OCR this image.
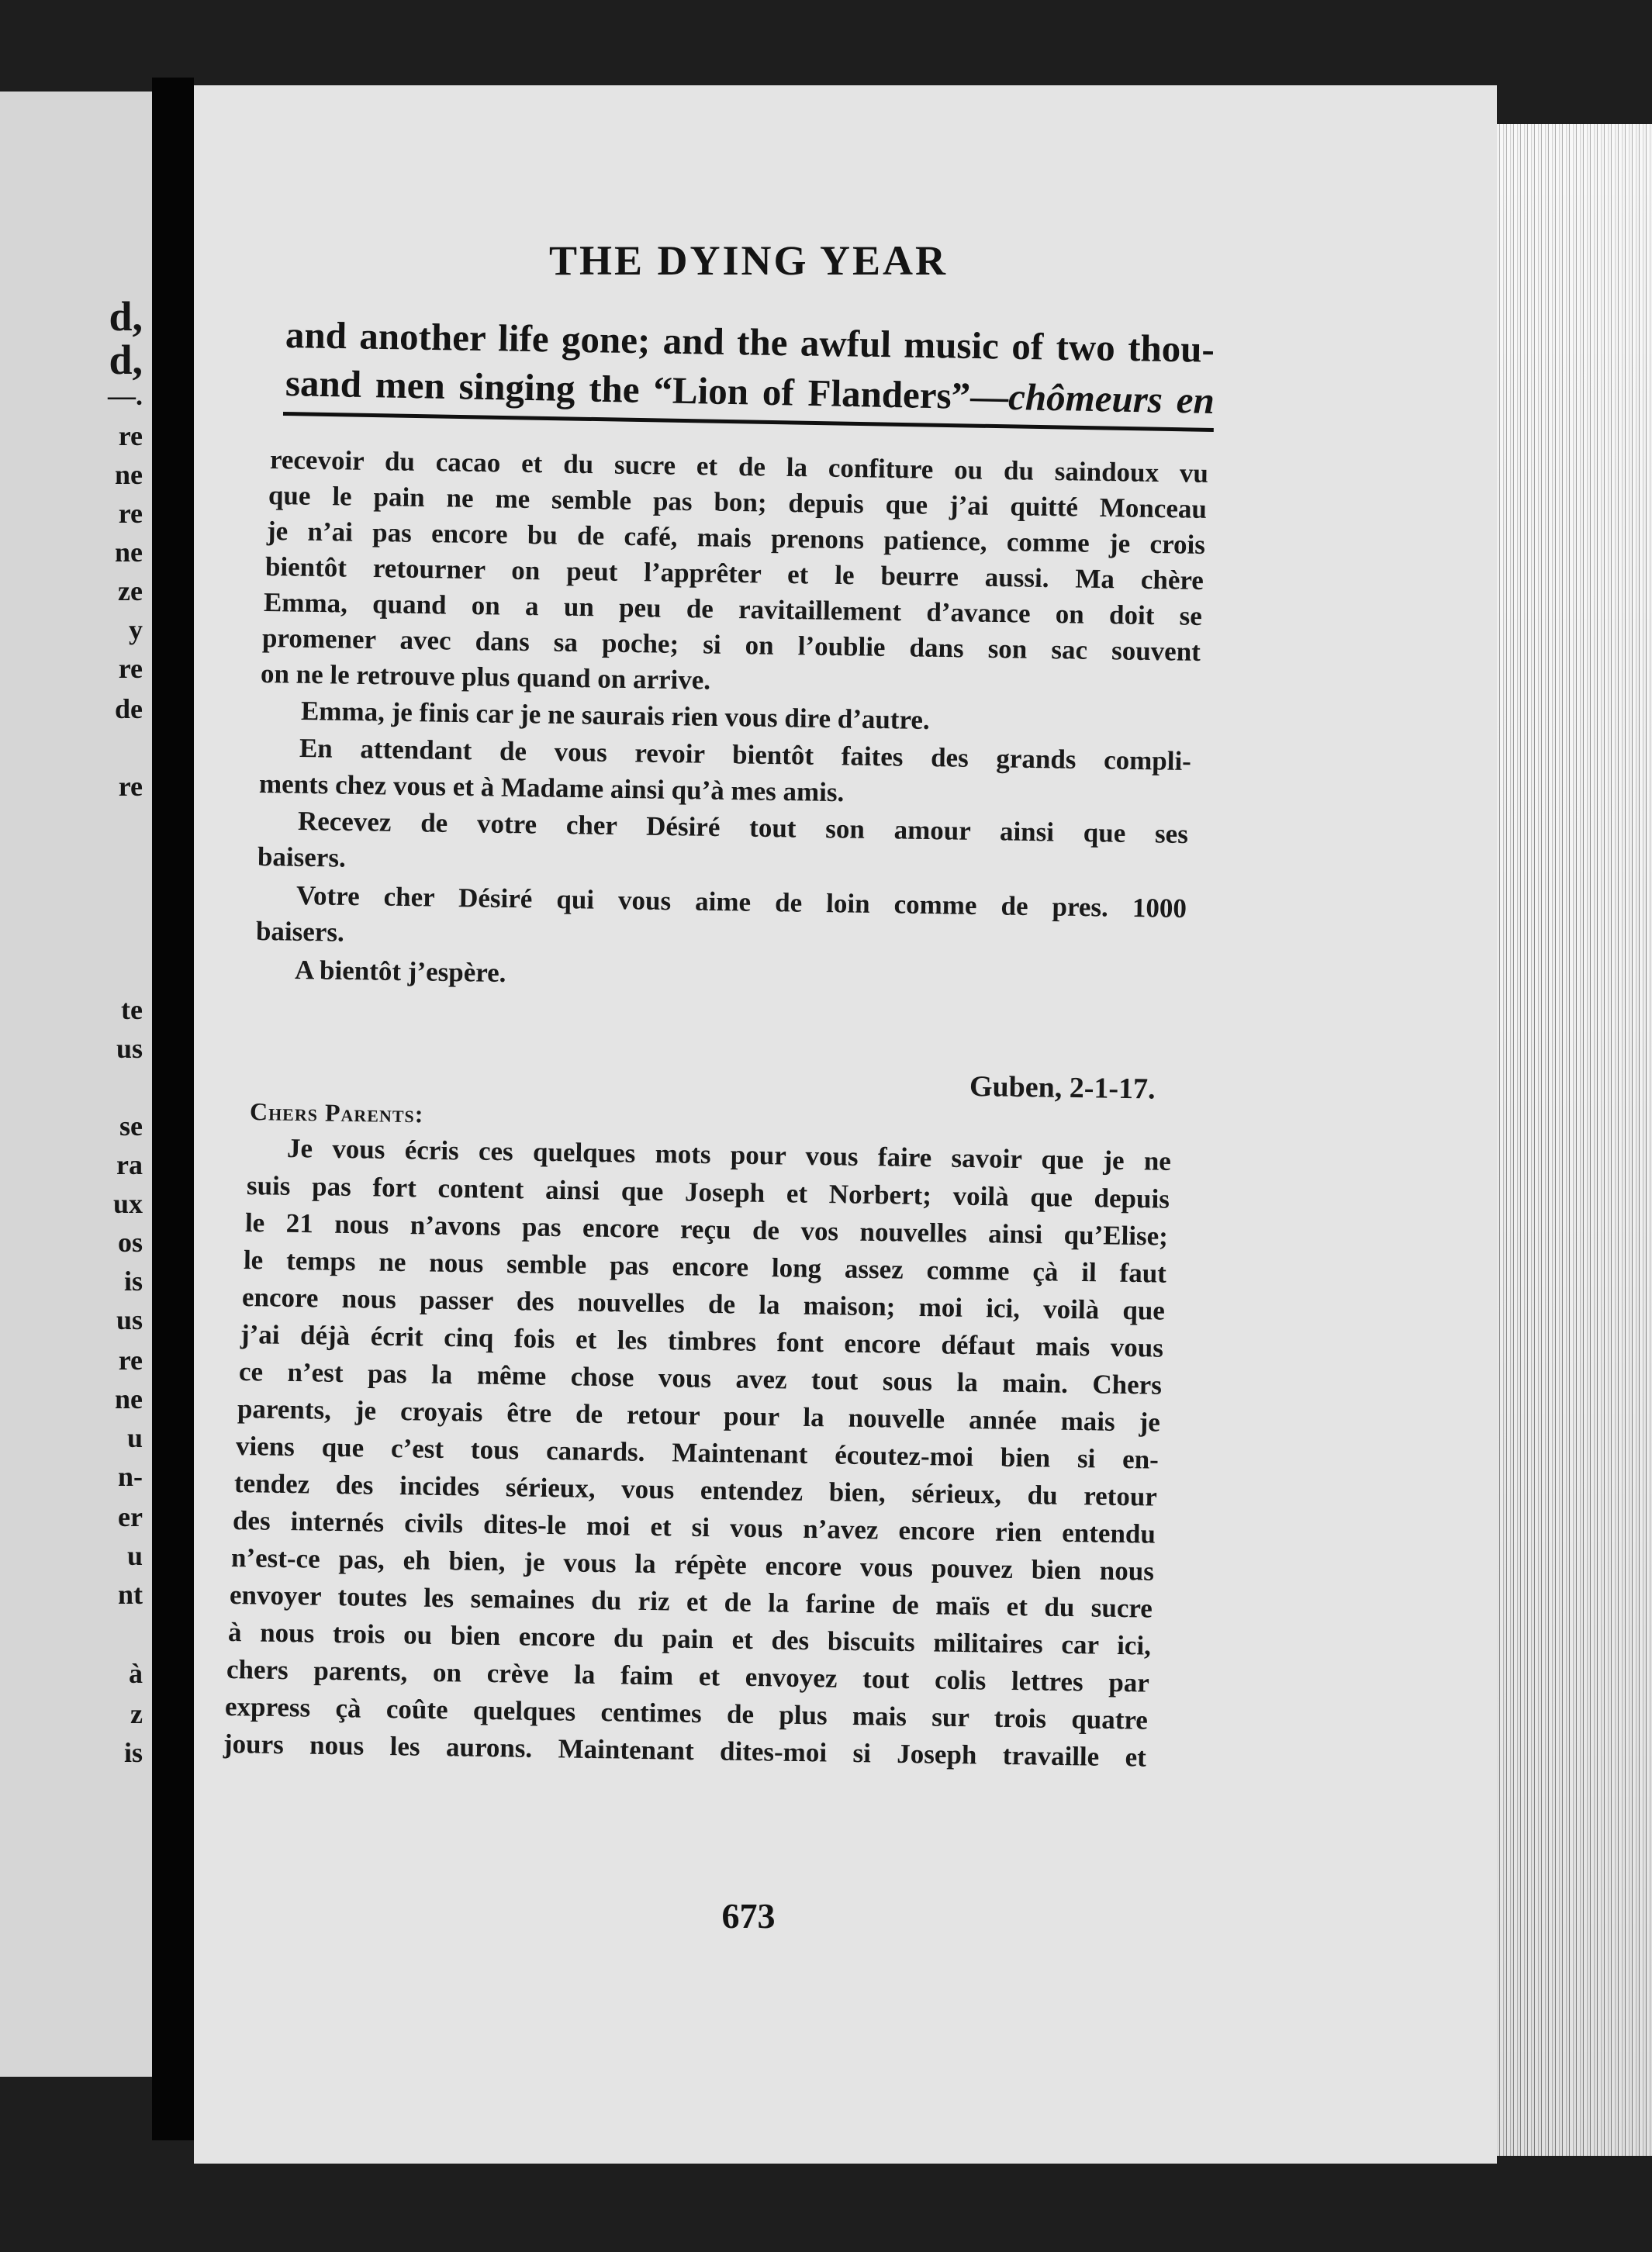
d,
d,
—.
re
ne
re
ne
ze
y
re
de
re
te
us
se
ra
ux
os
is
us
re
ne
u
n-
er
u
nt
à
z
is
THE DYING YEAR
and another life gone; and the awful music of two thou-
sand men singing the “Lion of Flanders”—chômeurs en
recevoir du cacao et du sucre et de la confiture ou du saindoux vu
que le pain ne me semble pas bon; depuis que j’ai quitté Monceau
je n’ai pas encore bu de café, mais prenons patience, comme je crois
bientôt retourner on peut l’apprêter et le beurre aussi. Ma chère
Emma, quand on a un peu de ravitaillement d’avance on doit se
promener avec dans sa poche; si on l’oublie dans son sac souvent
on ne le retrouve plus quand on arrive.
Emma, je finis car je ne saurais rien vous dire d’autre.
En attendant de vous revoir bientôt faites des grands compli-
ments chez vous et à Madame ainsi qu’à mes amis.
Recevez de votre cher Désiré tout son amour ainsi que ses
baisers.
Votre cher Désiré qui vous aime de loin comme de pres. 1000
baisers.
A bientôt j’espère.
Guben, 2-1-17.
Chers Parents:
Je vous écris ces quelques mots pour vous faire savoir que je ne
suis pas fort content ainsi que Joseph et Norbert; voilà que depuis
le 21 nous n’avons pas encore reçu de vos nouvelles ainsi qu’Elise;
le temps ne nous semble pas encore long assez comme çà il faut
encore nous passer des nouvelles de la maison; moi ici, voilà que
j’ai déjà écrit cinq fois et les timbres font encore défaut mais vous
ce n’est pas la même chose vous avez tout sous la main. Chers
parents, je croyais être de retour pour la nouvelle année mais je
viens que c’est tous canards. Maintenant écoutez-moi bien si en-
tendez des incides sérieux, vous entendez bien, sérieux, du retour
des internés civils dites-le moi et si vous n’avez encore rien entendu
n’est-ce pas, eh bien, je vous la répète encore vous pouvez bien nous
envoyer toutes les semaines du riz et de la farine de maïs et du sucre
à nous trois ou bien encore du pain et des biscuits militaires car ici,
chers parents, on crève la faim et envoyez tout colis lettres par
express çà coûte quelques centimes de plus mais sur trois quatre
jours nous les aurons. Maintenant dites-moi si Joseph travaille et
673
